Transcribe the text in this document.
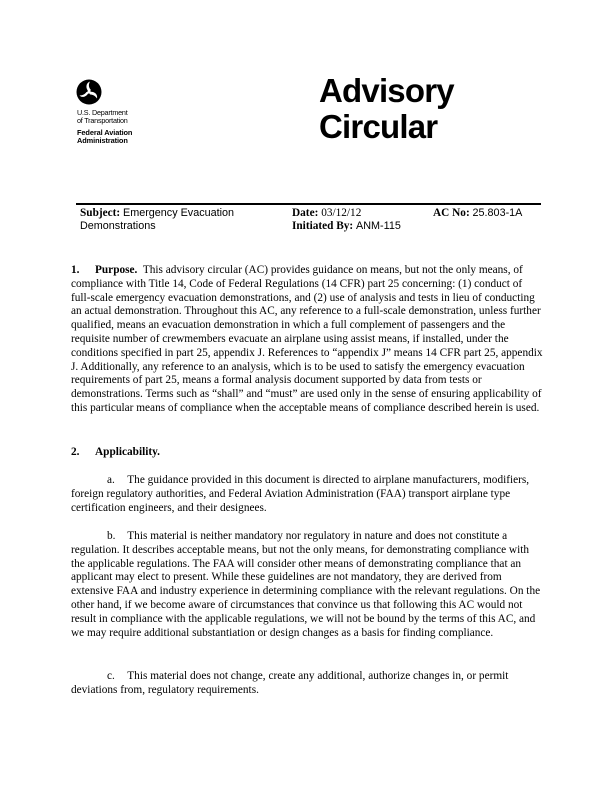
U.S. Department
of Transportation
Federal Aviation
Administration
Advisory
Circular
Subject: Emergency Evacuation
Demonstrations
Date: 03/12/12
Initiated By: ANM-115
AC No: 25.803-1A

1. Purpose. This advisory circular (AC) provides guidance on means, but not the only means, of compliance with Title 14, Code of Federal Regulations (14 CFR) part 25 concerning: (1) conduct of full-scale emergency evacuation demonstrations, and (2) use of analysis and tests in lieu of conducting an actual demonstration. Throughout this AC, any reference to a full-scale demonstration, unless further qualified, means an evacuation demonstration in which a full complement of passengers and the requisite number of crewmembers evacuate an airplane using assist means, if installed, under the conditions specified in part 25, appendix J. References to “appendix J” means 14 CFR part 25, appendix J. Additionally, any reference to an analysis, which is to be used to satisfy the emergency evacuation requirements of part 25, means a formal analysis document supported by data from tests or demonstrations. Terms such as “shall” and “must” are used only in the sense of ensuring applicability of this particular means of compliance when the acceptable means of compliance described herein is used.

2. Applicability.

a. The guidance provided in this document is directed to airplane manufacturers, modifiers, foreign regulatory authorities, and Federal Aviation Administration (FAA) transport airplane type certification engineers, and their designees.

b. This material is neither mandatory nor regulatory in nature and does not constitute a regulation. It describes acceptable means, but not the only means, for demonstrating compliance with the applicable regulations. The FAA will consider other means of demonstrating compliance that an applicant may elect to present. While these guidelines are not mandatory, they are derived from extensive FAA and industry experience in determining compliance with the relevant regulations. On the other hand, if we become aware of circumstances that convince us that following this AC would not result in compliance with the applicable regulations, we will not be bound by the terms of this AC, and we may require additional substantiation or design changes as a basis for finding compliance.

c. This material does not change, create any additional, authorize changes in, or permit deviations from, regulatory requirements.
